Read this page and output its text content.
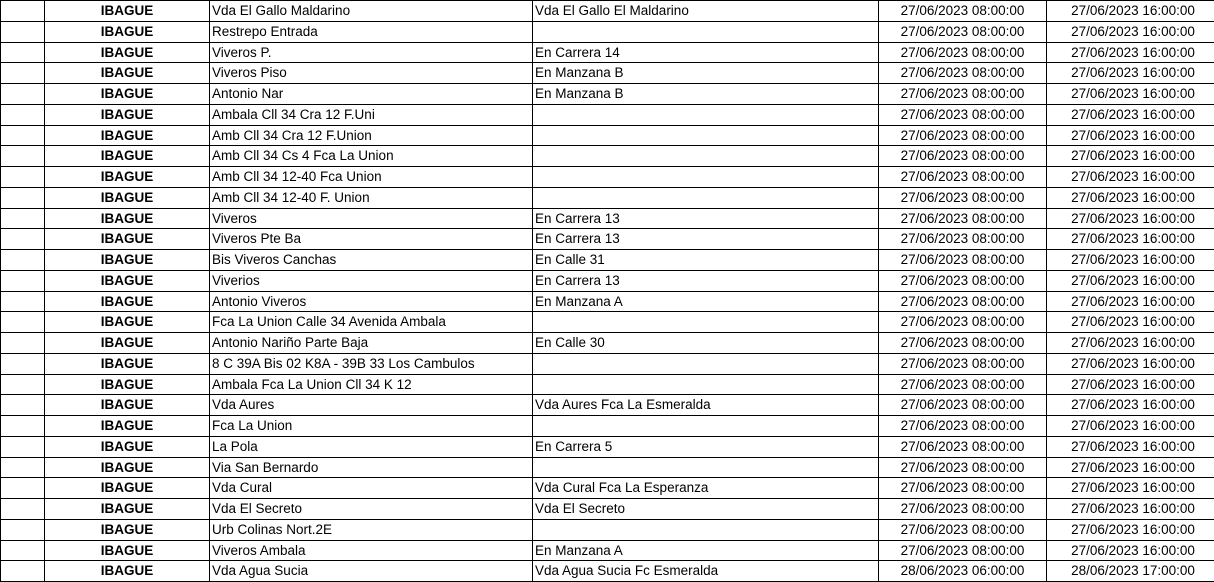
	IBAGUE	Vda El Gallo Maldarino	Vda El Gallo El Maldarino	27/06/2023 08:00:00	27/06/2023 16:00:00
	IBAGUE	Restrepo Entrada		27/06/2023 08:00:00	27/06/2023 16:00:00
	IBAGUE	Viveros P.	En Carrera 14	27/06/2023 08:00:00	27/06/2023 16:00:00
	IBAGUE	Viveros Piso	En Manzana B	27/06/2023 08:00:00	27/06/2023 16:00:00
	IBAGUE	Antonio Nar	En Manzana B	27/06/2023 08:00:00	27/06/2023 16:00:00
	IBAGUE	Ambala Cll 34 Cra 12 F.Uni		27/06/2023 08:00:00	27/06/2023 16:00:00
	IBAGUE	Amb Cll 34 Cra 12 F.Union		27/06/2023 08:00:00	27/06/2023 16:00:00
	IBAGUE	Amb Cll 34 Cs 4 Fca La Union		27/06/2023 08:00:00	27/06/2023 16:00:00
	IBAGUE	Amb Cll 34 12-40 Fca Union		27/06/2023 08:00:00	27/06/2023 16:00:00
	IBAGUE	Amb Cll 34 12-40 F. Union		27/06/2023 08:00:00	27/06/2023 16:00:00
	IBAGUE	Viveros	En Carrera 13	27/06/2023 08:00:00	27/06/2023 16:00:00
	IBAGUE	Viveros Pte Ba	En Carrera 13	27/06/2023 08:00:00	27/06/2023 16:00:00
	IBAGUE	Bis Viveros Canchas	En Calle 31	27/06/2023 08:00:00	27/06/2023 16:00:00
	IBAGUE	Viverios	En Carrera 13	27/06/2023 08:00:00	27/06/2023 16:00:00
	IBAGUE	Antonio Viveros	En Manzana A	27/06/2023 08:00:00	27/06/2023 16:00:00
	IBAGUE	Fca La Union Calle 34 Avenida Ambala		27/06/2023 08:00:00	27/06/2023 16:00:00
	IBAGUE	Antonio Nariño Parte Baja	En Calle 30	27/06/2023 08:00:00	27/06/2023 16:00:00
	IBAGUE	8 C 39A Bis 02 K8A - 39B 33 Los Cambulos		27/06/2023 08:00:00	27/06/2023 16:00:00
	IBAGUE	Ambala Fca La Union Cll 34 K 12		27/06/2023 08:00:00	27/06/2023 16:00:00
	IBAGUE	Vda Aures	Vda Aures Fca La Esmeralda	27/06/2023 08:00:00	27/06/2023 16:00:00
	IBAGUE	Fca La Union		27/06/2023 08:00:00	27/06/2023 16:00:00
	IBAGUE	La Pola	En Carrera 5	27/06/2023 08:00:00	27/06/2023 16:00:00
	IBAGUE	Via San Bernardo		27/06/2023 08:00:00	27/06/2023 16:00:00
	IBAGUE	Vda Cural	Vda Cural Fca La Esperanza	27/06/2023 08:00:00	27/06/2023 16:00:00
	IBAGUE	Vda El Secreto	Vda El Secreto	27/06/2023 08:00:00	27/06/2023 16:00:00
	IBAGUE	Urb Colinas Nort.2E		27/06/2023 08:00:00	27/06/2023 16:00:00
	IBAGUE	Viveros Ambala	En Manzana A	27/06/2023 08:00:00	27/06/2023 16:00:00
	IBAGUE	Vda Agua Sucia	Vda Agua Sucia Fc Esmeralda	28/06/2023 06:00:00	28/06/2023 17:00:00
